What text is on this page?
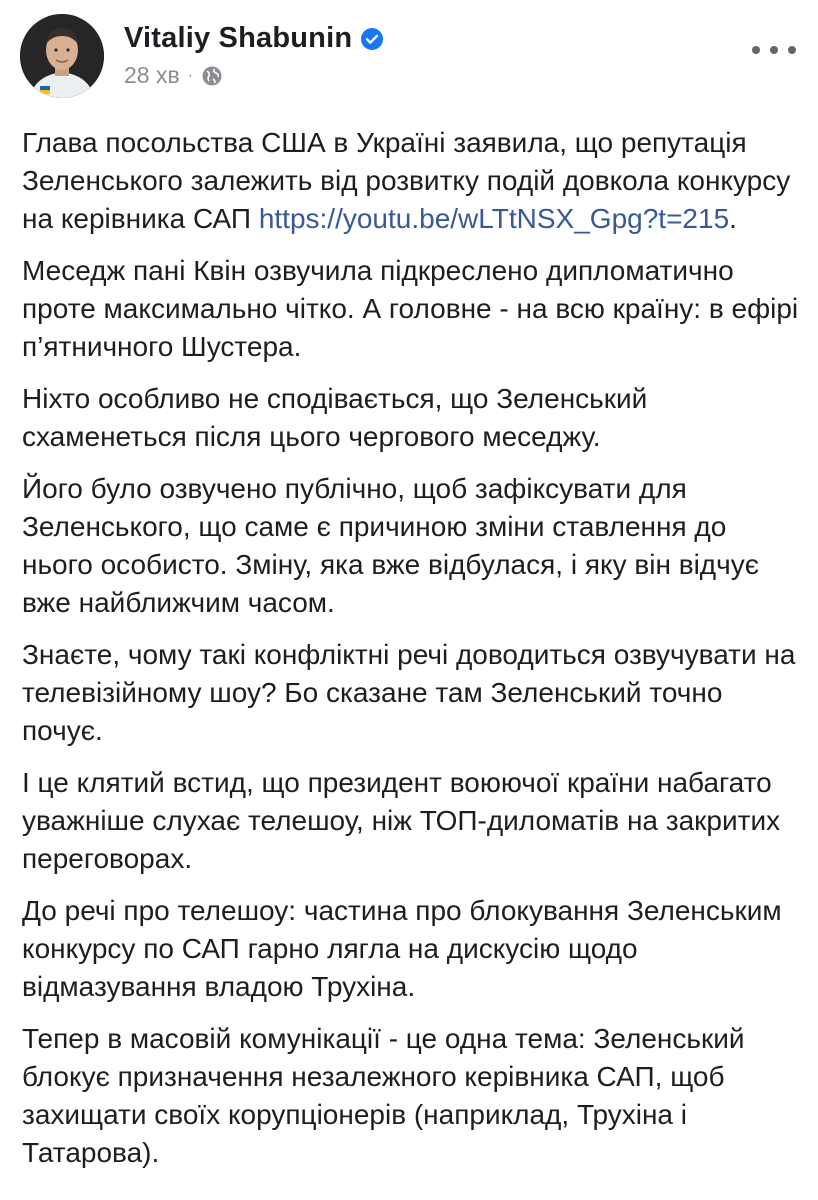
Vitaliy Shabunin
28 хв ·

Глава посольства США в Україні заявила, що репутація Зеленського залежить від розвитку подій довкола конкурсу на керівника САП https://youtu.be/wLTtNSX_Gpg?t=215.

Меседж пані Квін озвучила підкреслено дипломатично проте максимально чітко. А головне - на всю країну: в ефірі п’ятничного Шустера.

Ніхто особливо не сподівається, що Зеленський схаменеться після цього чергового меседжу.

Його було озвучено публічно, щоб зафіксувати для Зеленського, що саме є причиною зміни ставлення до нього особисто. Зміну, яка вже відбулася, і яку він відчує вже найближчим часом.

Знаєте, чому такі конфліктні речі доводиться озвучувати на телевізійному шоу? Бо сказане там Зеленський точно почує.

І це клятий встид, що президент воюючої країни набагато уважніше слухає телешоу, ніж ТОП-диломатів на закритих переговорах.

До речі про телешоу: частина про блокування Зеленським конкурсу по САП гарно лягла на дискусію щодо відмазування владою Трухіна.

Тепер в масовій комунікації - це одна тема: Зеленський блокує призначення незалежного керівника САП, щоб захищати своїх корупціонерів (наприклад, Трухіна і Татарова).
